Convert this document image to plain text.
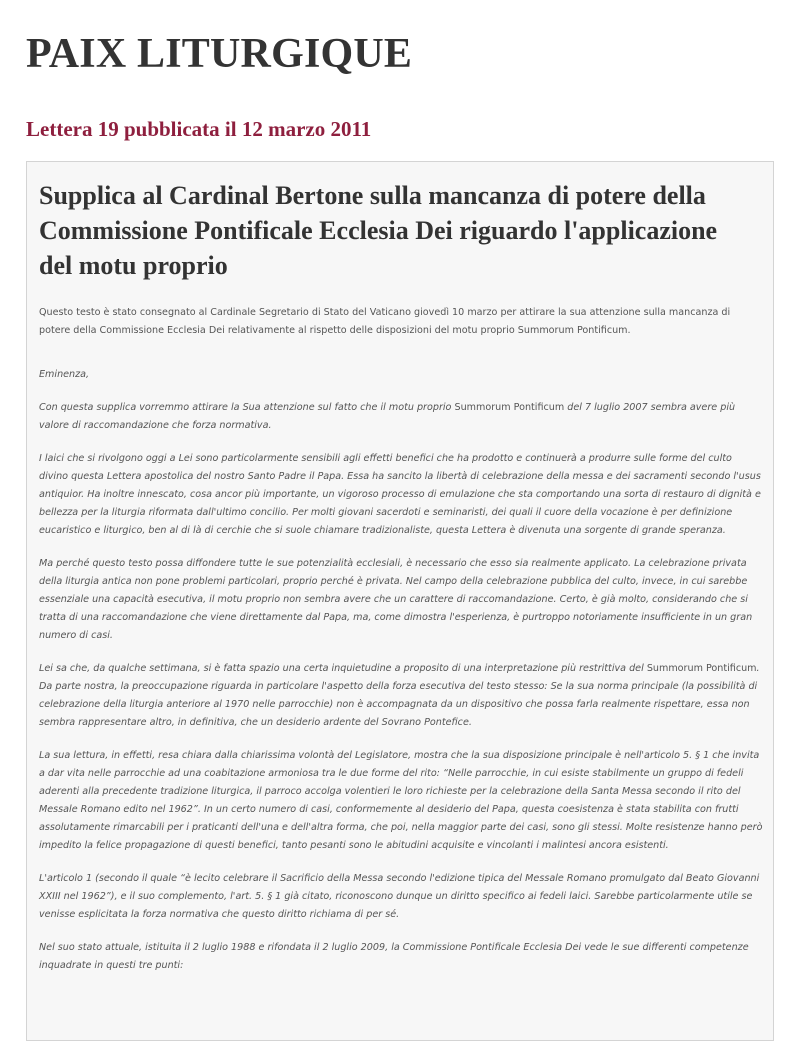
PAIX LITURGIQUE
Lettera 19 pubblicata il 12 marzo 2011
Supplica al Cardinal Bertone sulla mancanza di potere della Commissione Pontificale Ecclesia Dei riguardo l'applicazione del motu proprio

Questo testo è stato consegnato al Cardinale Segretario di Stato del Vaticano giovedì 10 marzo per attirare la sua attenzione sulla mancanza di potere della Commissione Ecclesia Dei relativamente al rispetto delle disposizioni del motu proprio Summorum Pontificum.

Eminenza,

Con questa supplica vorremmo attirare la Sua attenzione sul fatto che il motu proprio Summorum Pontificum del 7 luglio 2007 sembra avere più valore di raccomandazione che forza normativa.

I laici che si rivolgono oggi a Lei sono particolarmente sensibili agli effetti benefici che ha prodotto e continuerà a produrre sulle forme del culto divino questa Lettera apostolica del nostro Santo Padre il Papa. Essa ha sancito la libertà di celebrazione della messa e dei sacramenti secondo l'usus antiquior. Ha inoltre innescato, cosa ancor più importante, un vigoroso processo di emulazione che sta comportando una sorta di restauro di dignità e bellezza per la liturgia riformata dall'ultimo concilio. Per molti giovani sacerdoti e seminaristi, dei quali il cuore della vocazione è per definizione eucaristico e liturgico, ben al di là di cerchie che si suole chiamare tradizionaliste, questa Lettera è divenuta una sorgente di grande speranza.

Ma perché questo testo possa diffondere tutte le sue potenzialità ecclesiali, è necessario che esso sia realmente applicato. La celebrazione privata della liturgia antica non pone problemi particolari, proprio perché è privata. Nel campo della celebrazione pubblica del culto, invece, in cui sarebbe essenziale una capacità esecutiva, il motu proprio non sembra avere che un carattere di raccomandazione. Certo, è già molto, considerando che si tratta di una raccomandazione che viene direttamente dal Papa, ma, come dimostra l'esperienza, è purtroppo notoriamente insufficiente in un gran numero di casi.

Lei sa che, da qualche settimana, si è fatta spazio una certa inquietudine a proposito di una interpretazione più restrittiva del Summorum Pontificum. Da parte nostra, la preoccupazione riguarda in particolare l'aspetto della forza esecutiva del testo stesso: Se la sua norma principale (la possibilità di celebrazione della liturgia anteriore al 1970 nelle parrocchie) non è accompagnata da un dispositivo che possa farla realmente rispettare, essa non sembra rappresentare altro, in definitiva, che un desiderio ardente del Sovrano Pontefice.

La sua lettura, in effetti, resa chiara dalla chiarissima volontà del Legislatore, mostra che la sua disposizione principale è nell'articolo 5. § 1 che invita a dar vita nelle parrocchie ad una coabitazione armoniosa tra le due forme del rito: “Nelle parrocchie, in cui esiste stabilmente un gruppo di fedeli aderenti alla precedente tradizione liturgica, il parroco accolga volentieri le loro richieste per la celebrazione della Santa Messa secondo il rito del Messale Romano edito nel 1962”. In un certo numero di casi, conformemente al desiderio del Papa, questa coesistenza è stata stabilita con frutti assolutamente rimarcabili per i praticanti dell'una e dell'altra forma, che poi, nella maggior parte dei casi, sono gli stessi. Molte resistenze hanno però impedito la felice propagazione di questi benefici, tanto pesanti sono le abitudini acquisite e vincolanti i malintesi ancora esistenti.

L'articolo 1 (secondo il quale “è lecito celebrare il Sacrificio della Messa secondo l'edizione tipica del Messale Romano promulgato dal Beato Giovanni XXIII nel 1962”), e il suo complemento, l'art. 5. § 1 già citato, riconoscono dunque un diritto specifico ai fedeli laici. Sarebbe particolarmente utile se venisse esplicitata la forza normativa che questo diritto richiama di per sé.

Nel suo stato attuale, istituita il 2 luglio 1988 e rifondata il 2 luglio 2009, la Commissione Pontificale Ecclesia Dei vede le sue differenti competenze inquadrate in questi tre punti:
